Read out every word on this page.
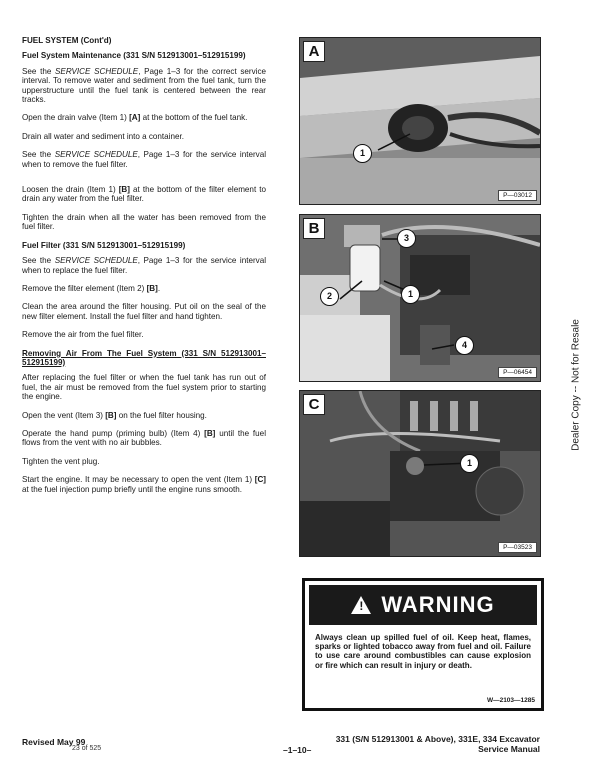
FUEL SYSTEM (Cont'd)

Fuel System Maintenance (331 S/N 512913001–512915199)

See the SERVICE SCHEDULE, Page 1–3 for the correct service interval. To remove water and sediment from the fuel tank, turn the upperstructure until the fuel tank is centered between the rear tracks.

Open the drain valve (Item 1) [A] at the bottom of the fuel tank.

Drain all water and sediment into a container.

See the SERVICE SCHEDULE, Page 1–3 for the service interval when to remove the fuel filter.

Loosen the drain (Item 1) [B] at the bottom of the filter element to drain any water from the fuel filter.

Tighten the drain when all the water has been removed from the fuel filter.

Fuel Filter (331 S/N 512913001–512915199)

See the SERVICE SCHEDULE, Page 1–3 for the service interval when to replace the fuel filter.

Remove the filter element (Item 2) [B].

Clean the area around the filter housing. Put oil on the seal of the new filter element. Install the fuel filter and hand tighten.

Remove the air from the fuel filter.

Removing Air From The Fuel System (331 S/N 512913001–512915199)

After replacing the fuel filter or when the fuel tank has run out of fuel, the air must be removed from the fuel system prior to starting the engine.

Open the vent (Item 3) [B] on the fuel filter housing.

Operate the hand pump (priming bulb) (Item 4) [B] until the fuel flows from the vent with no air bubbles.

Tighten the vent plug.

Start the engine. It may be necessary to open the vent (Item 1) [C] at the fuel injection pump briefly until the engine runs smooth.

A
1
P—03012
B
3
2	1
4
P—06454
C
1
P—03523
! WARNING
Always clean up spilled fuel of oil. Keep heat, flames, sparks or lighted tobacco away from fuel and oil. Failure to use care around combustibles can cause explosion or fire which can result in injury or death.
W—2103—1285
Dealer Copy -- Not for Resale
Revised May 99
23 of 525	–1–10–
331 (S/N 512913001 & Above), 331E, 334 Excavator
Service Manual
